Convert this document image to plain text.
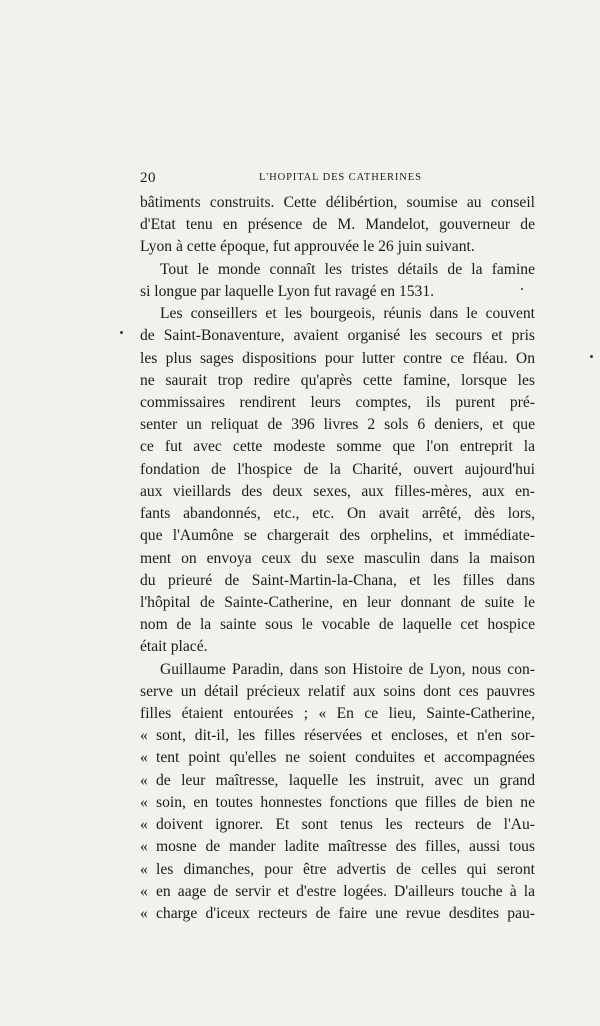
20	L'HOPITAL DES CATHERINES
bâtiments construits. Cette délibértion, soumise au conseil
d'Etat tenu en présence de M. Mandelot, gouverneur de
Lyon à cette époque, fut approuvée le 26 juin suivant.
Tout le monde connaît les tristes détails de la famine
si longue par laquelle Lyon fut ravagé en 1531.
Les conseillers et les bourgeois, réunis dans le couvent
de Saint-Bonaventure, avaient organisé les secours et pris
les plus sages dispositions pour lutter contre ce fléau. On
ne saurait trop redire qu'après cette famine, lorsque les
commissaires rendirent leurs comptes, ils purent pré-
senter un reliquat de 396 livres 2 sols 6 deniers, et que
ce fut avec cette modeste somme que l'on entreprit la
fondation de l'hospice de la Charité, ouvert aujourd'hui
aux vieillards des deux sexes, aux filles-mères, aux en-
fants abandonnés, etc., etc. On avait arrêté, dès lors,
que l'Aumône se chargerait des orphelins, et immédiate-
ment on envoya ceux du sexe masculin dans la maison
du prieuré de Saint-Martin-la-Chana, et les filles dans
l'hôpital de Sainte-Catherine, en leur donnant de suite le
nom de la sainte sous le vocable de laquelle cet hospice
était placé.
Guillaume Paradin, dans son Histoire de Lyon, nous con-
serve un détail précieux relatif aux soins dont ces pauvres
filles étaient entourées ; « En ce lieu, Sainte-Catherine,
« sont, dit-il, les filles réservées et encloses, et n'en sor-
« tent point qu'elles ne soient conduites et accompagnées
« de leur maîtresse, laquelle les instruit, avec un grand
« soin, en toutes honnestes fonctions que filles de bien ne
« doivent ignorer. Et sont tenus les recteurs de l'Au-
« mosne de mander ladite maîtresse des filles, aussi tous
« les dimanches, pour être advertis de celles qui seront
« en aage de servir et d'estre logées. D'ailleurs touche à la
« charge d'iceux recteurs de faire une revue desdites pau-
